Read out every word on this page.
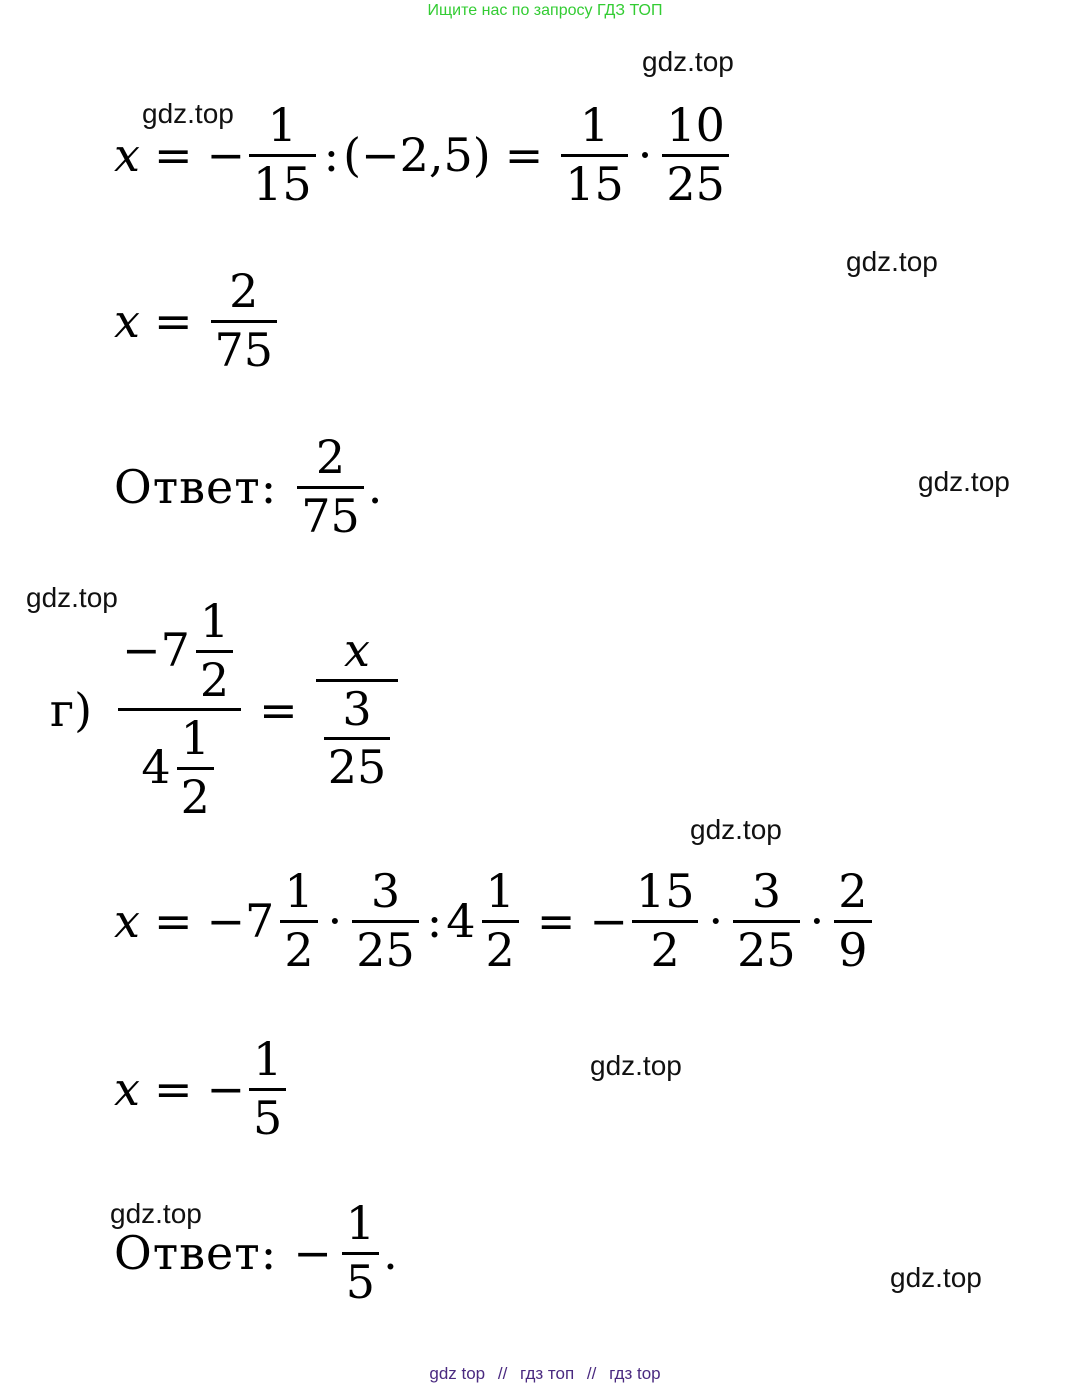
Ищите нас по запросу ГДЗ ТОП
gdz.top
gdz.top
gdz.top
gdz.top
gdz.top
gdz.top
gdz.top
gdz.top
gdz.top
x = − $\frac{1}{15}$ : $(-2,5) = \frac{1}{15} \cdot \frac{10}{25}$
$x = \frac{2}{75}$
Ответ: $\frac{2}{75}$ .
$г) \frac{-7 \frac{1}{2}}{4 \frac{1}{2}} = \frac{x}{\frac{3}{25}}$
$x = -7 \frac{1}{2} \cdot \frac{3}{25}$ : $4 \frac{1}{2}$ = − $\frac{15}{2} \cdot \frac{3}{25} \cdot \frac{2}{9}$
x = − $\frac{1}{5}$
Ответ: − $\frac{1}{5}$ .
gdz top // гдз топ // гдз top
